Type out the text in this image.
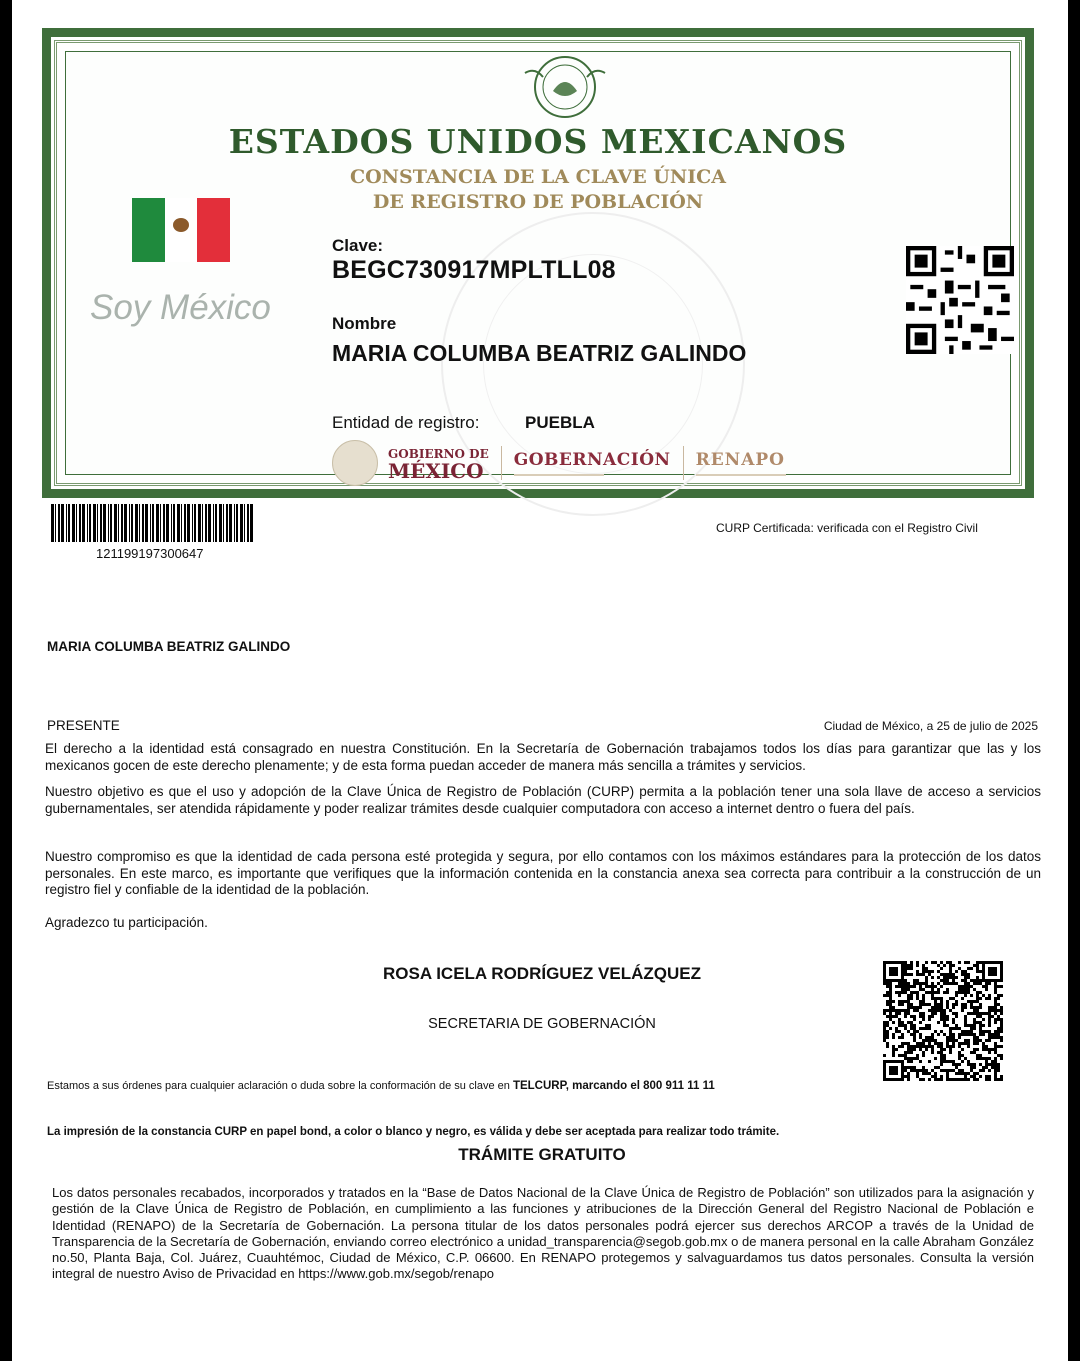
ESTADOS UNIDOS MEXICANOS
CONSTANCIA DE LA CLAVE ÚNICA
DE REGISTRO DE POBLACIÓN
Soy México
Clave:
BEGC730917MPLTLL08
Nombre
MARIA COLUMBA BEATRIZ GALINDO
Entidad de registro:	PUEBLA
GOBIERNO DE
MÉXICO	GOBERNACIÓN RENAPO
121199197300647
CURP Certificada: verificada con el Registro Civil
MARIA COLUMBA BEATRIZ GALINDO
PRESENTE	Ciudad de México, a 25 de julio de 2025
El derecho a la identidad está consagrado en nuestra Constitución. En la Secretaría de Gobernación trabajamos todos los días para garantizar que las y los mexicanos gocen de este derecho plenamente; y de esta forma puedan acceder de manera más sencilla a trámites y servicios.
Nuestro objetivo es que el uso y adopción de la Clave Única de Registro de Población (CURP) permita a la población tener una sola llave de acceso a servicios gubernamentales, ser atendida rápidamente y poder realizar trámites desde cualquier computadora con acceso a internet dentro o fuera del país.
Nuestro compromiso es que la identidad de cada persona esté protegida y segura, por ello contamos con los máximos estándares para la protección de los datos personales. En este marco, es importante que verifiques que la información contenida en la constancia anexa sea correcta para contribuir a la construcción de un registro fiel y confiable de la identidad de la población.
Agradezco tu participación.
ROSA ICELA RODRÍGUEZ VELÁZQUEZ
SECRETARIA DE GOBERNACIÓN
Estamos a sus órdenes para cualquier aclaración o duda sobre la conformación de su clave en TELCURP, marcando el 800 911 11 11
La impresión de la constancia CURP en papel bond, a color o blanco y negro, es válida y debe ser aceptada para realizar todo trámite.
TRÁMITE GRATUITO
Los datos personales recabados, incorporados y tratados en la “Base de Datos Nacional de la Clave Única de Registro de Población” son utilizados para la asignación y gestión de la Clave Única de Registro de Población, en cumplimiento a las funciones y atribuciones de la Dirección General del Registro Nacional de Población e Identidad (RENAPO) de la Secretaría de Gobernación. La persona titular de los datos personales podrá ejercer sus derechos ARCOP a través de la Unidad de Transparencia de la Secretaría de Gobernación, enviando correo electrónico a unidad_transparencia@segob.gob.mx o de manera personal en la calle Abraham González no.50, Planta Baja, Col. Juárez, Cuauhtémoc, Ciudad de México, C.P. 06600. En RENAPO protegemos y salvaguardamos tus datos personales. Consulta la versión integral de nuestro Aviso de Privacidad en https://www.gob.mx/segob/renapo
